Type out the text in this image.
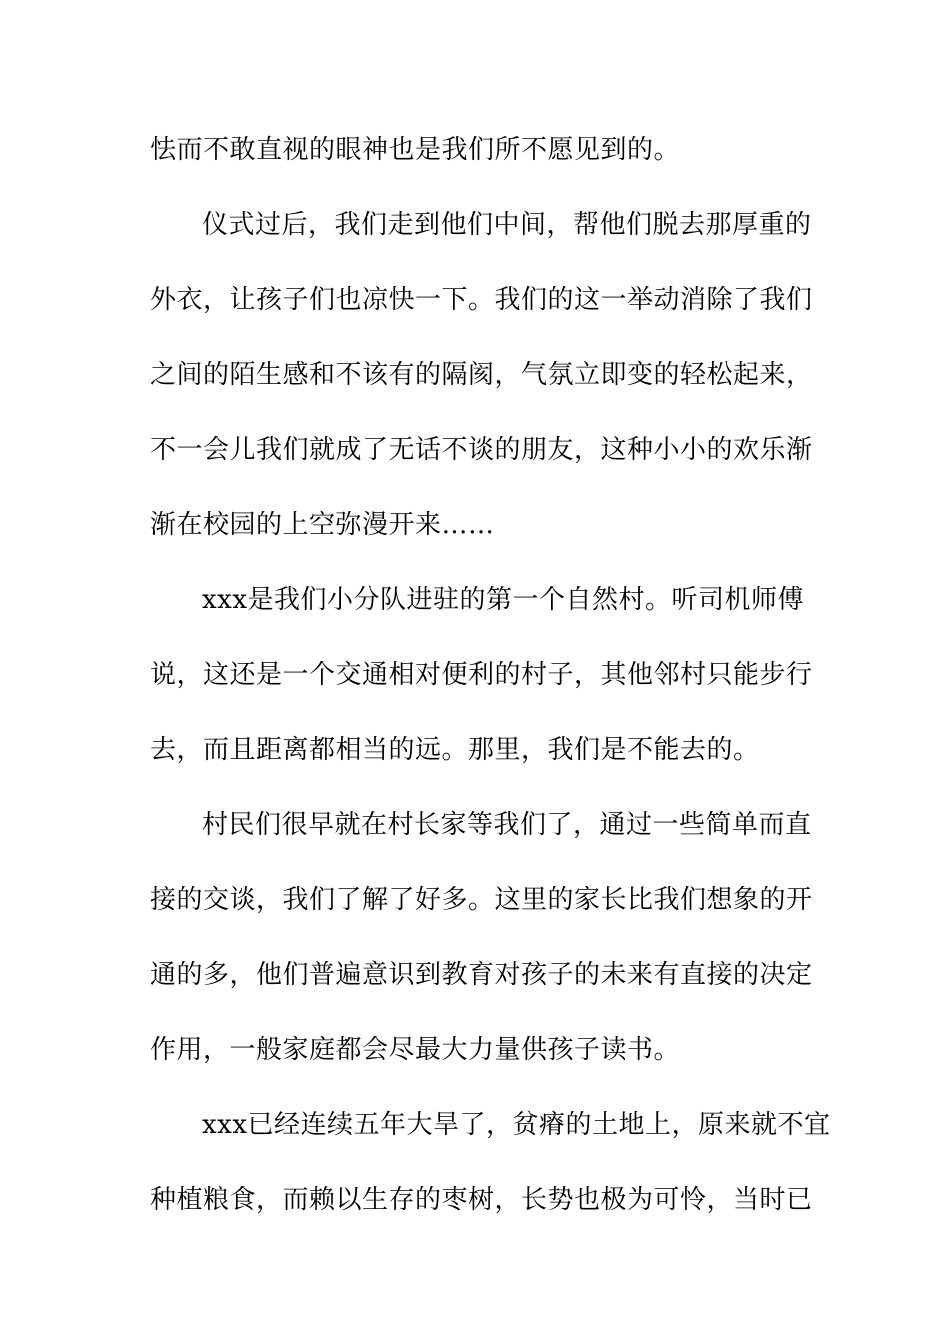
怯而不敢直视的眼神也是我们所不愿见到的。
仪式过后，我们走到他们中间，帮他们脱去那厚重的
外衣，让孩子们也凉快一下。我们的这一举动消除了我们
之间的陌生感和不该有的隔阂，气氛立即变的轻松起来，
不一会儿我们就成了无话不谈的朋友，这种小小的欢乐渐
渐在校园的上空弥漫开来……
xxx是我们小分队进驻的第一个自然村。听司机师傅
说，这还是一个交通相对便利的村子，其他邻村只能步行
去，而且距离都相当的远。那里，我们是不能去的。
村民们很早就在村长家等我们了，通过一些简单而直
接的交谈，我们了解了好多。这里的家长比我们想象的开
通的多，他们普遍意识到教育对孩子的未来有直接的决定
作用，一般家庭都会尽最大力量供孩子读书。
xxx已经连续五年大旱了，贫瘠的土地上，原来就不宜
种植粮食，而赖以生存的枣树，长势也极为可怜，当时已
